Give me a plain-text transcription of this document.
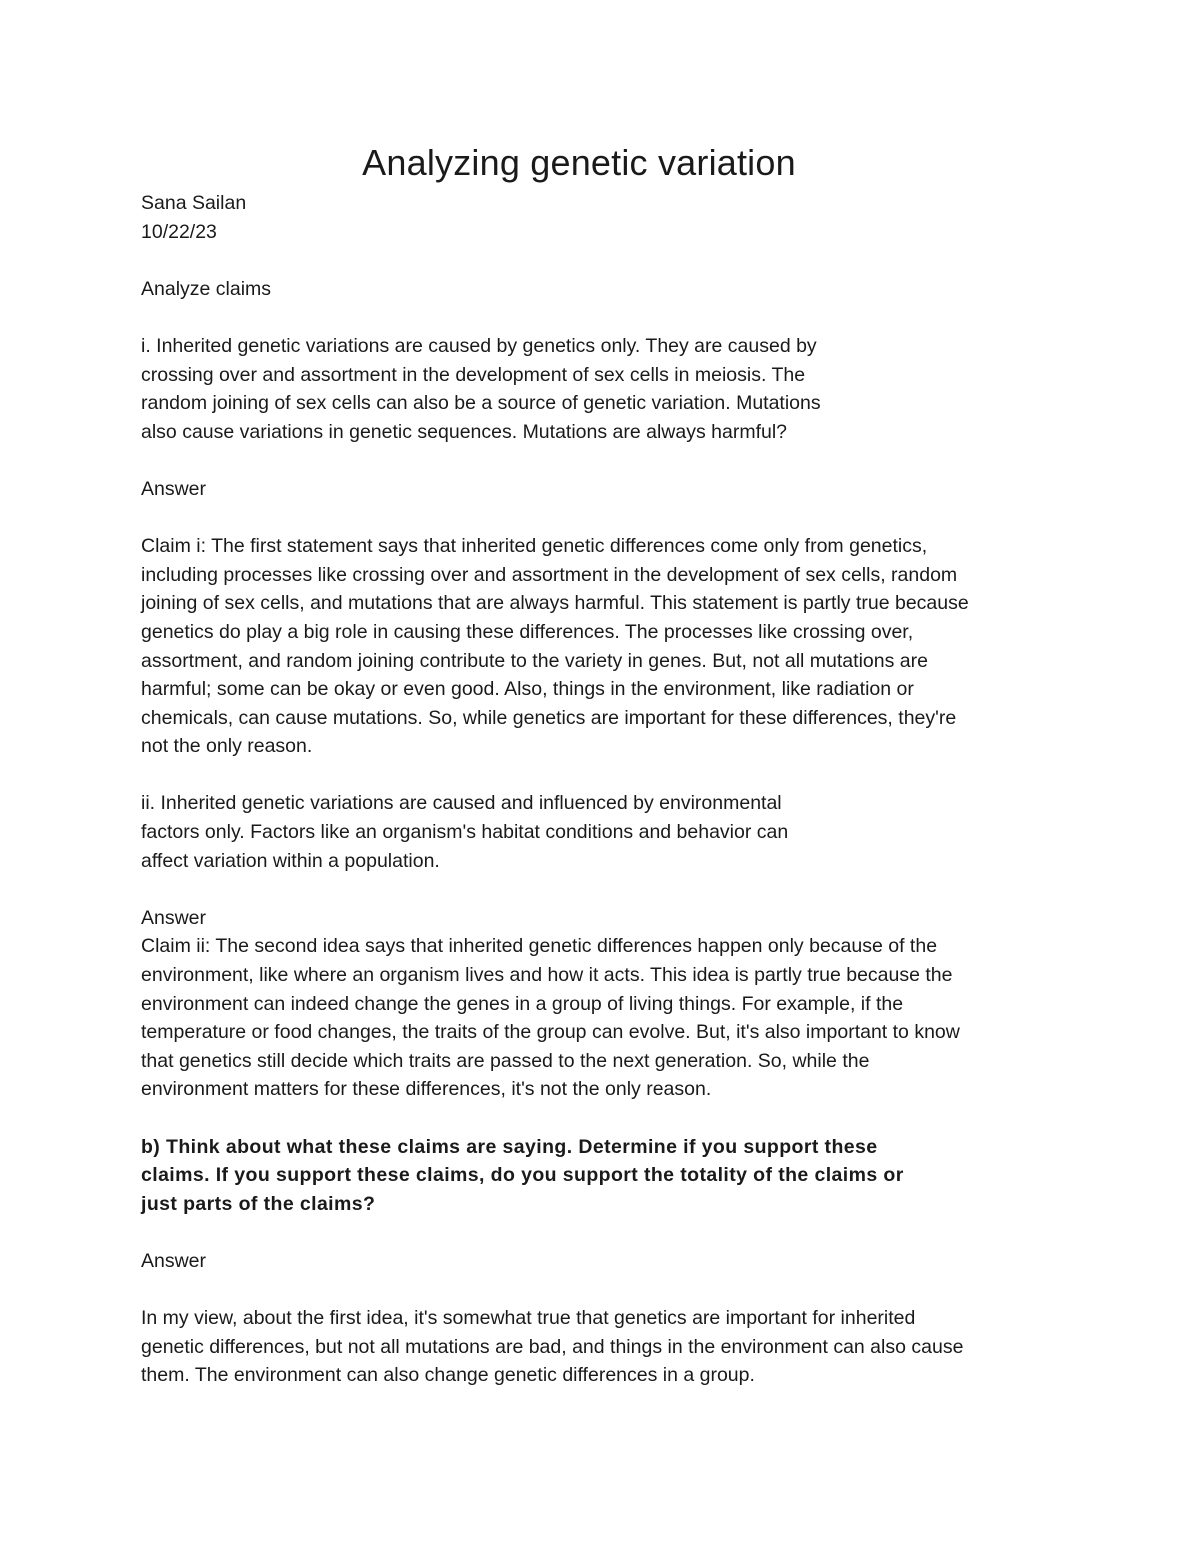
Analyzing genetic variation
Sana Sailan
10/22/23
Analyze claims
i. Inherited genetic variations are caused by genetics only. They are caused by
crossing over and assortment in the development of sex cells in meiosis. The
random joining of sex cells can also be a source of genetic variation. Mutations
also cause variations in genetic sequences. Mutations are always harmful?
Answer
Claim i: The first statement says that inherited genetic differences come only from genetics,
including processes like crossing over and assortment in the development of sex cells, random
joining of sex cells, and mutations that are always harmful. This statement is partly true because
genetics do play a big role in causing these differences. The processes like crossing over,
assortment, and random joining contribute to the variety in genes. But, not all mutations are
harmful; some can be okay or even good. Also, things in the environment, like radiation or
chemicals, can cause mutations. So, while genetics are important for these differences, they're
not the only reason.
ii. Inherited genetic variations are caused and influenced by environmental
factors only. Factors like an organism's habitat conditions and behavior can
affect variation within a population.
Answer
Claim ii: The second idea says that inherited genetic differences happen only because of the
environment, like where an organism lives and how it acts. This idea is partly true because the
environment can indeed change the genes in a group of living things. For example, if the
temperature or food changes, the traits of the group can evolve. But, it's also important to know
that genetics still decide which traits are passed to the next generation. So, while the
environment matters for these differences, it's not the only reason.
b) Think about what these claims are saying. Determine if you support these
claims. If you support these claims, do you support the totality of the claims or
just parts of the claims?
Answer
In my view, about the first idea, it's somewhat true that genetics are important for inherited
genetic differences, but not all mutations are bad, and things in the environment can also cause
them. The environment can also change genetic differences in a group.
